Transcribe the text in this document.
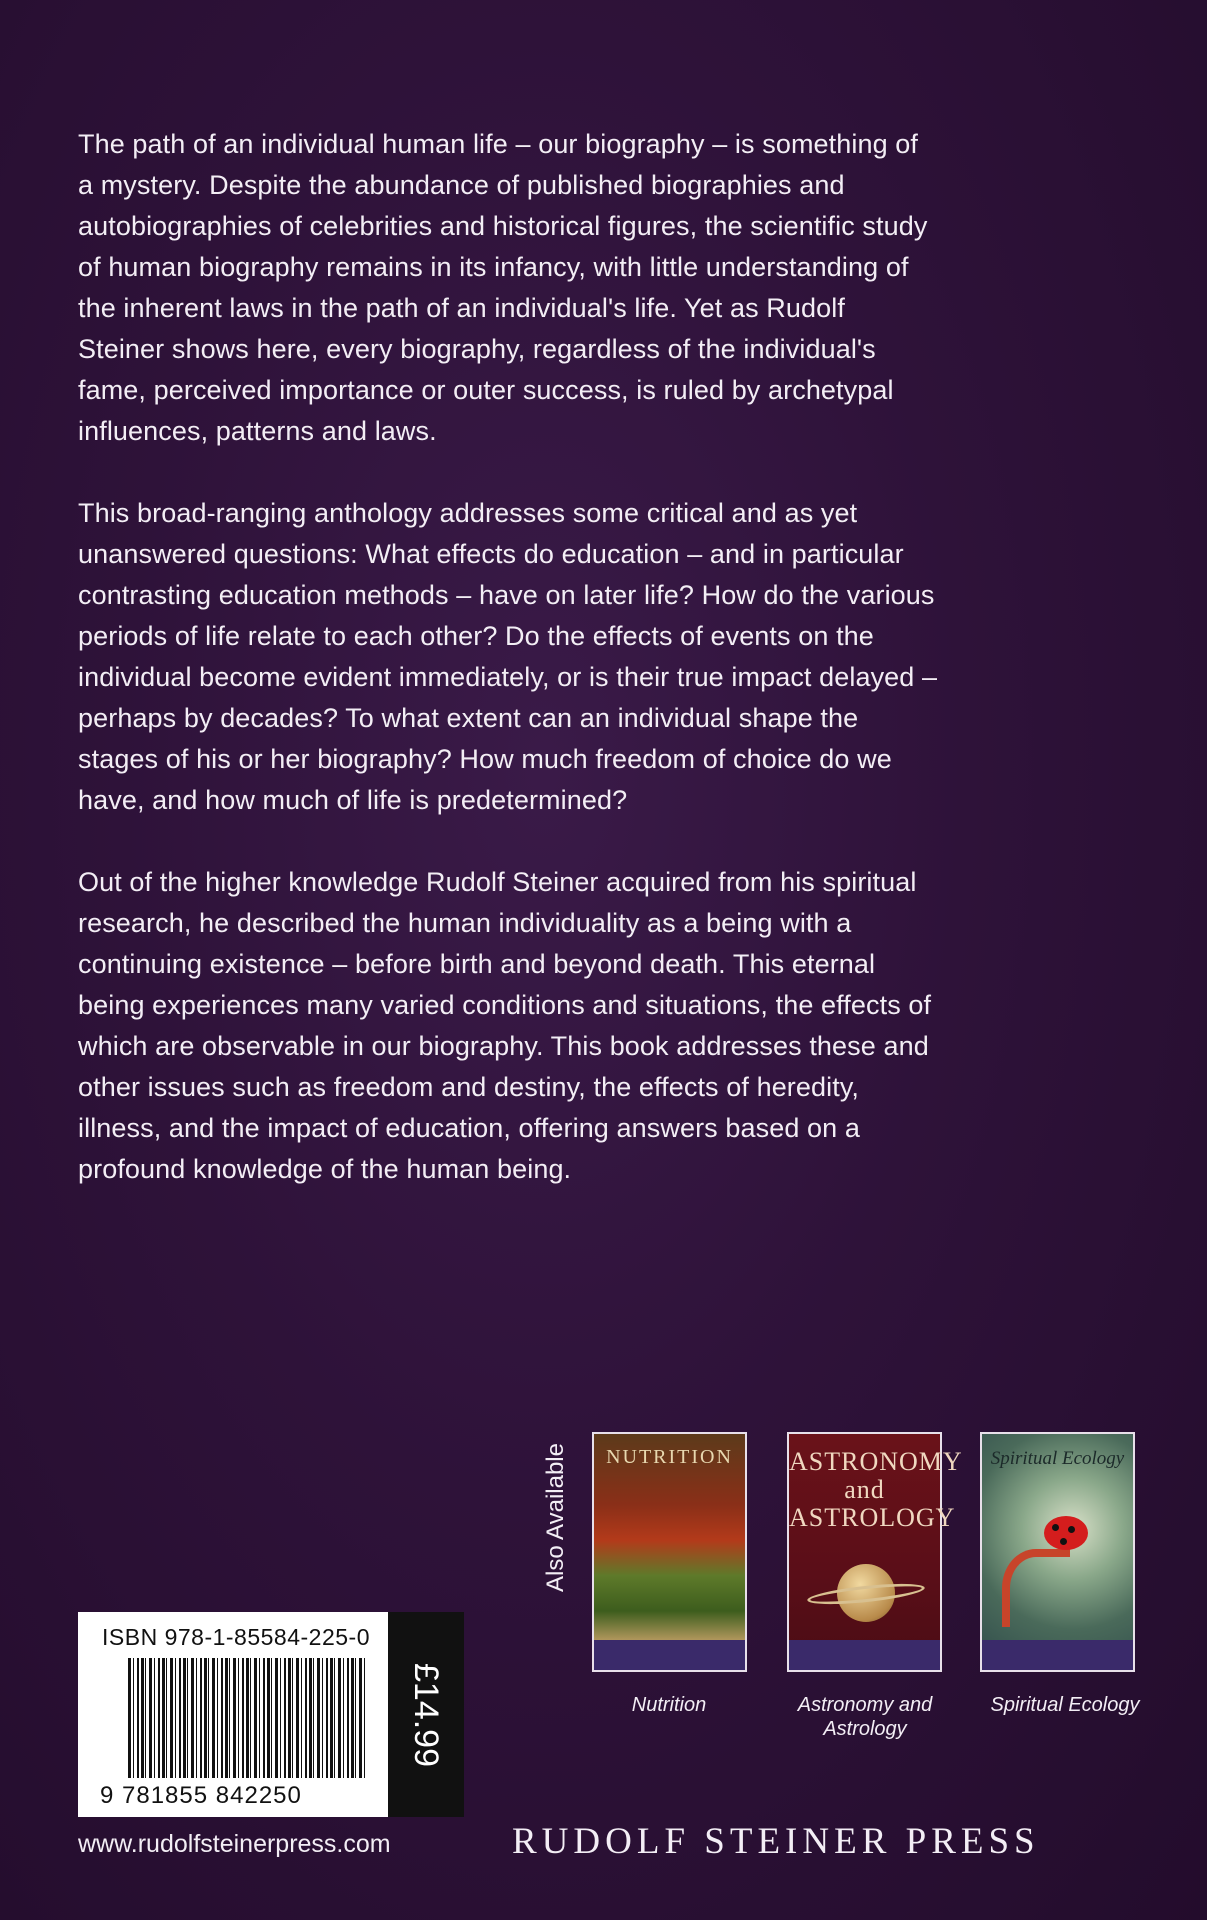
The path of an individual human life – our biography – is something of a mystery. Despite the abundance of published biographies and autobiographies of celebrities and historical figures, the scientific study of human biography remains in its infancy, with little understanding of the inherent laws in the path of an individual's life. Yet as Rudolf Steiner shows here, every biography, regardless of the individual's fame, perceived importance or outer success, is ruled by archetypal influences, patterns and laws.

This broad-ranging anthology addresses some critical and as yet unanswered questions: What effects do education – and in particular contrasting education methods – have on later life? How do the various periods of life relate to each other? Do the effects of events on the individual become evident immediately, or is their true impact delayed – perhaps by decades? To what extent can an individual shape the stages of his or her biography? How much freedom of choice do we have, and how much of life is predetermined?

Out of the higher knowledge Rudolf Steiner acquired from his spiritual research, he described the human individuality as a being with a continuing existence – before birth and beyond death. This eternal being experiences many varied conditions and situations, the effects of which are observable in our biography. This book addresses these and other issues such as freedom and destiny, the effects of heredity, illness, and the impact of education, offering answers based on a profound knowledge of the human being.

Also Available	NUTRITION	ASTRONOMY and ASTROLOGY
Spiritual Ecology
Nutrition	Astronomy and Astrology
Spiritual Ecology
ISBN 978-1-85584-225-0
9 781855 842250
£14.99
www.rudolfsteinerpress.com	RUDOLF STEINER PRESS
